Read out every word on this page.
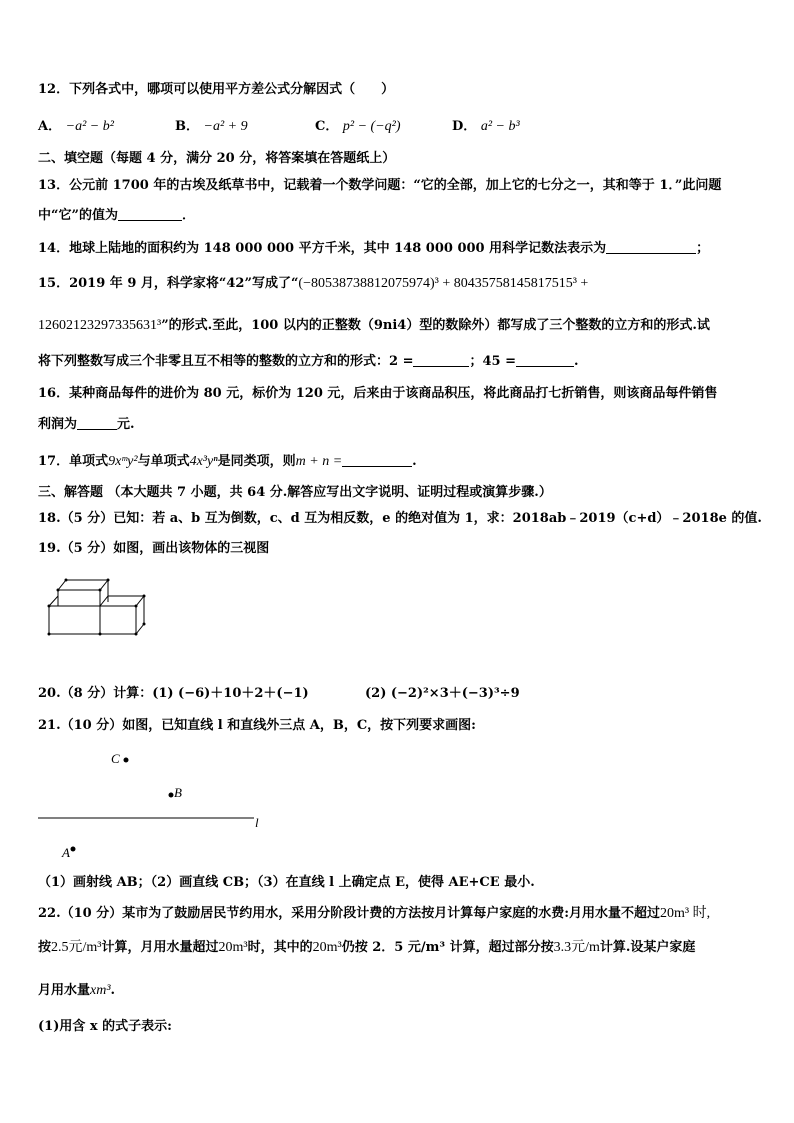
12．下列各式中，哪项可以使用平方差公式分解因式（　　）
A． −a² − b²	B． −a² + 9	C． p² − (−q²)	D． a² − b³
二、填空题（每题 4 分，满分 20 分，将答案填在答题纸上）
13．公元前 1700 年的古埃及纸草书中，记载着一个数学问题：“它的全部，加上它的七分之一，其和等于 1．”此问题
中“它”的值为	．
14．地球上陆地的面积约为 148 000 000 平方千米，其中 148 000 000 用科学记数法表示为	；
15．2019 年 9 月，科学家将“42”写成了“(−80538738812075974)³ + 80435758145817515³ +
12602123297335631³”的形式.至此，100 以内的正整数（9ni4）型的数除外）都写成了三个整数的立方和的形式.试
将下列整数写成三个非零且互不相等的整数的立方和的形式：2 =	；45 =	.
16．某种商品每件的进价为 80 元，标价为 120 元，后来由于该商品积压，将此商品打七折销售，则该商品每件销售
利润为	元.
17．单项式9xᵐy²与单项式4x³yⁿ是同类项，则m + n =	.
三、解答题 （本大题共 7 小题，共 64 分.解答应写出文字说明、证明过程或演算步骤.）
18.（5 分）已知：若 a、b 互为倒数，c、d 互为相反数，e 的绝对值为 1，求：2018ab﹣2019（c+d）﹣2018e 的值.
19.（5 分）如图，画出该物体的三视图
20.（8 分）计算：(1) (−6)＋10＋2＋(−1)	(2) (−2)²×3＋(−3)³÷9
21.（10 分）如图，已知直线 l 和直线外三点 A，B，C，按下列要求画图:
C
B
A
l
（1）画射线 AB；（2）画直线 CB；（3）在直线 l 上确定点 E，使得 AE+CE 最小.
22.（10 分）某市为了鼓励居民节约用水，采用分阶段计费的方法按月计算每户家庭的水费:月用水量不超过20m³ 时,
按2.5元/m³计算，月用水量超过20m³时，其中的20m³仍按 2．5 元/m³ 计算，超过部分按3.3元/m计算.设某户家庭
月用水量xm³.
(1)用含 x 的式子表示:
